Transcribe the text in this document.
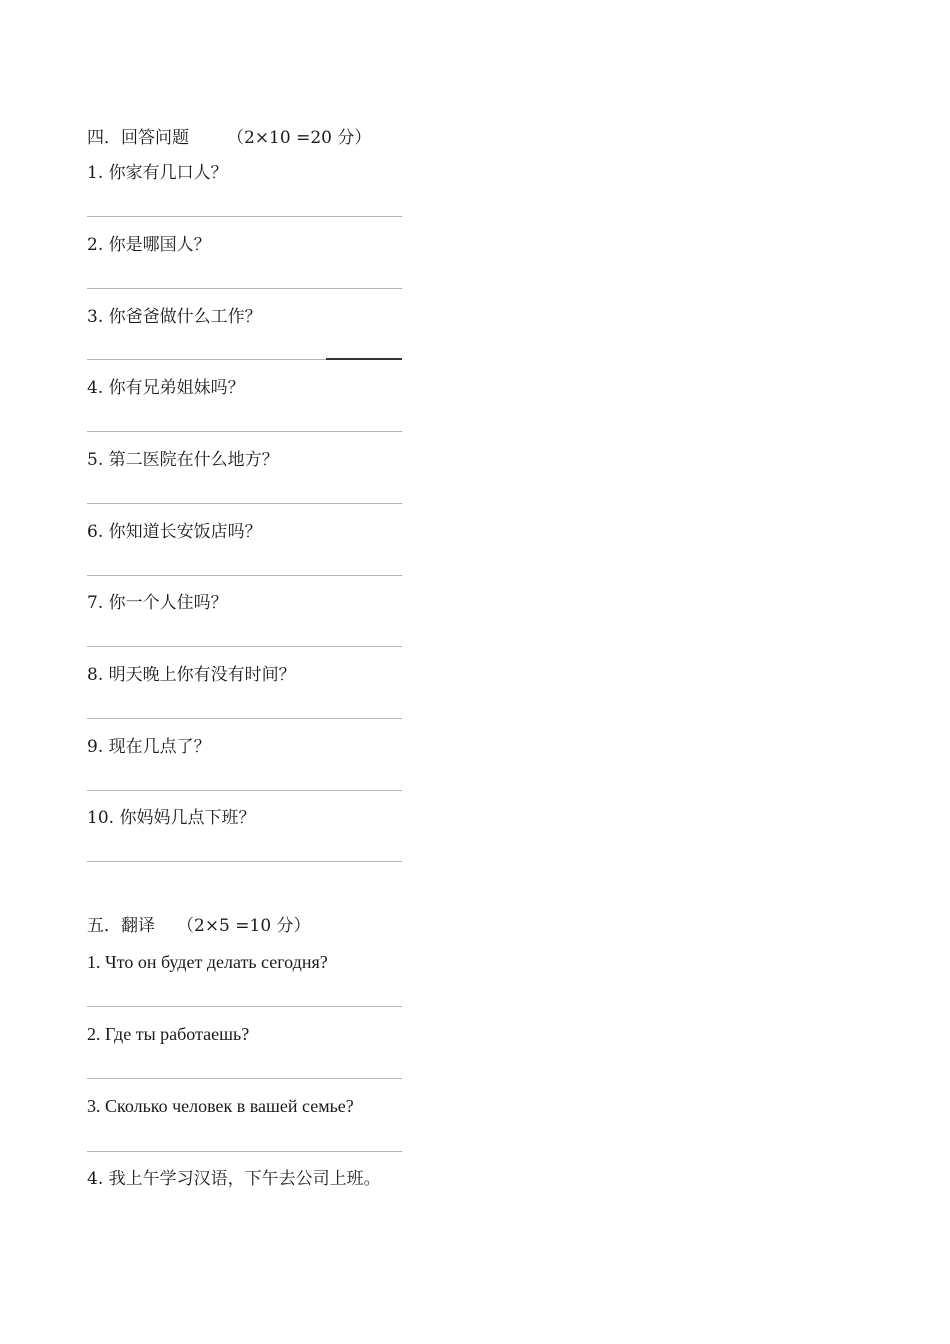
四．回答问题 （2×10 =20 分）
1. 你家有几口人？
2. 你是哪国人？
3. 你爸爸做什么工作？
4. 你有兄弟姐妹吗？
5. 第二医院在什么地方？
6. 你知道长安饭店吗？
7. 你一个人住吗？
8. 明天晚上你有没有时间？
9. 现在几点了？
10. 你妈妈几点下班？
五．翻译 （2×5 =10 分）
1. Что он будет делать сегодня?
2. Где ты работаешь?
3. Сколько человек в вашей семье?
4. 我上午学习汉语，下午去公司上班。
